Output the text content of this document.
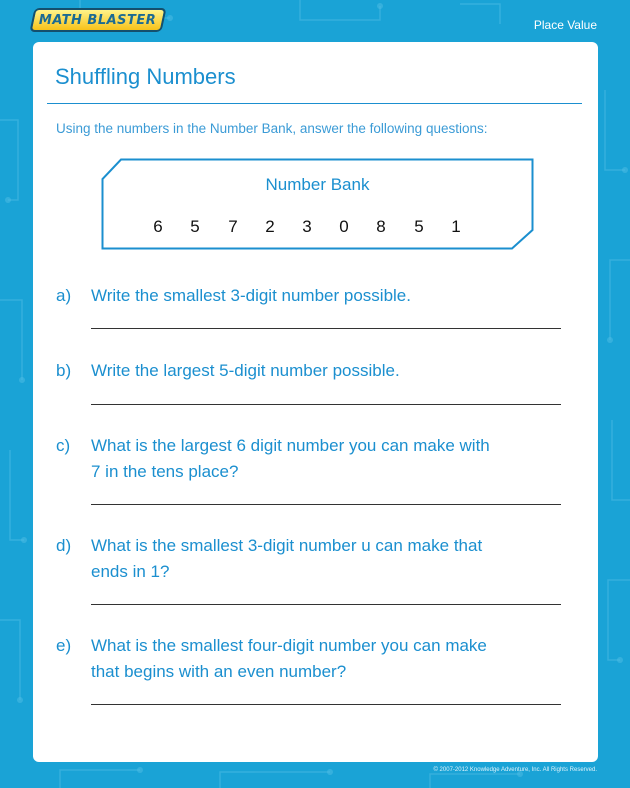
MATH BLASTER	Place Value
Shuffling Numbers
Using the numbers in the Number Bank, answer the following questions:
Number Bank
6	5	7	2	3	0	8	5	1
a) Write the smallest 3-digit number possible.
b) Write the largest 5-digit number possible.
c) What is the largest 6 digit number you can make with
7 in the tens place?
d) What is the smallest 3-digit number u can make that
ends in 1?
e) What is the smallest four-digit number you can make
that begins with an even number?
© 2007-2012 Knowledge Adventure, Inc. All Rights Reserved.
